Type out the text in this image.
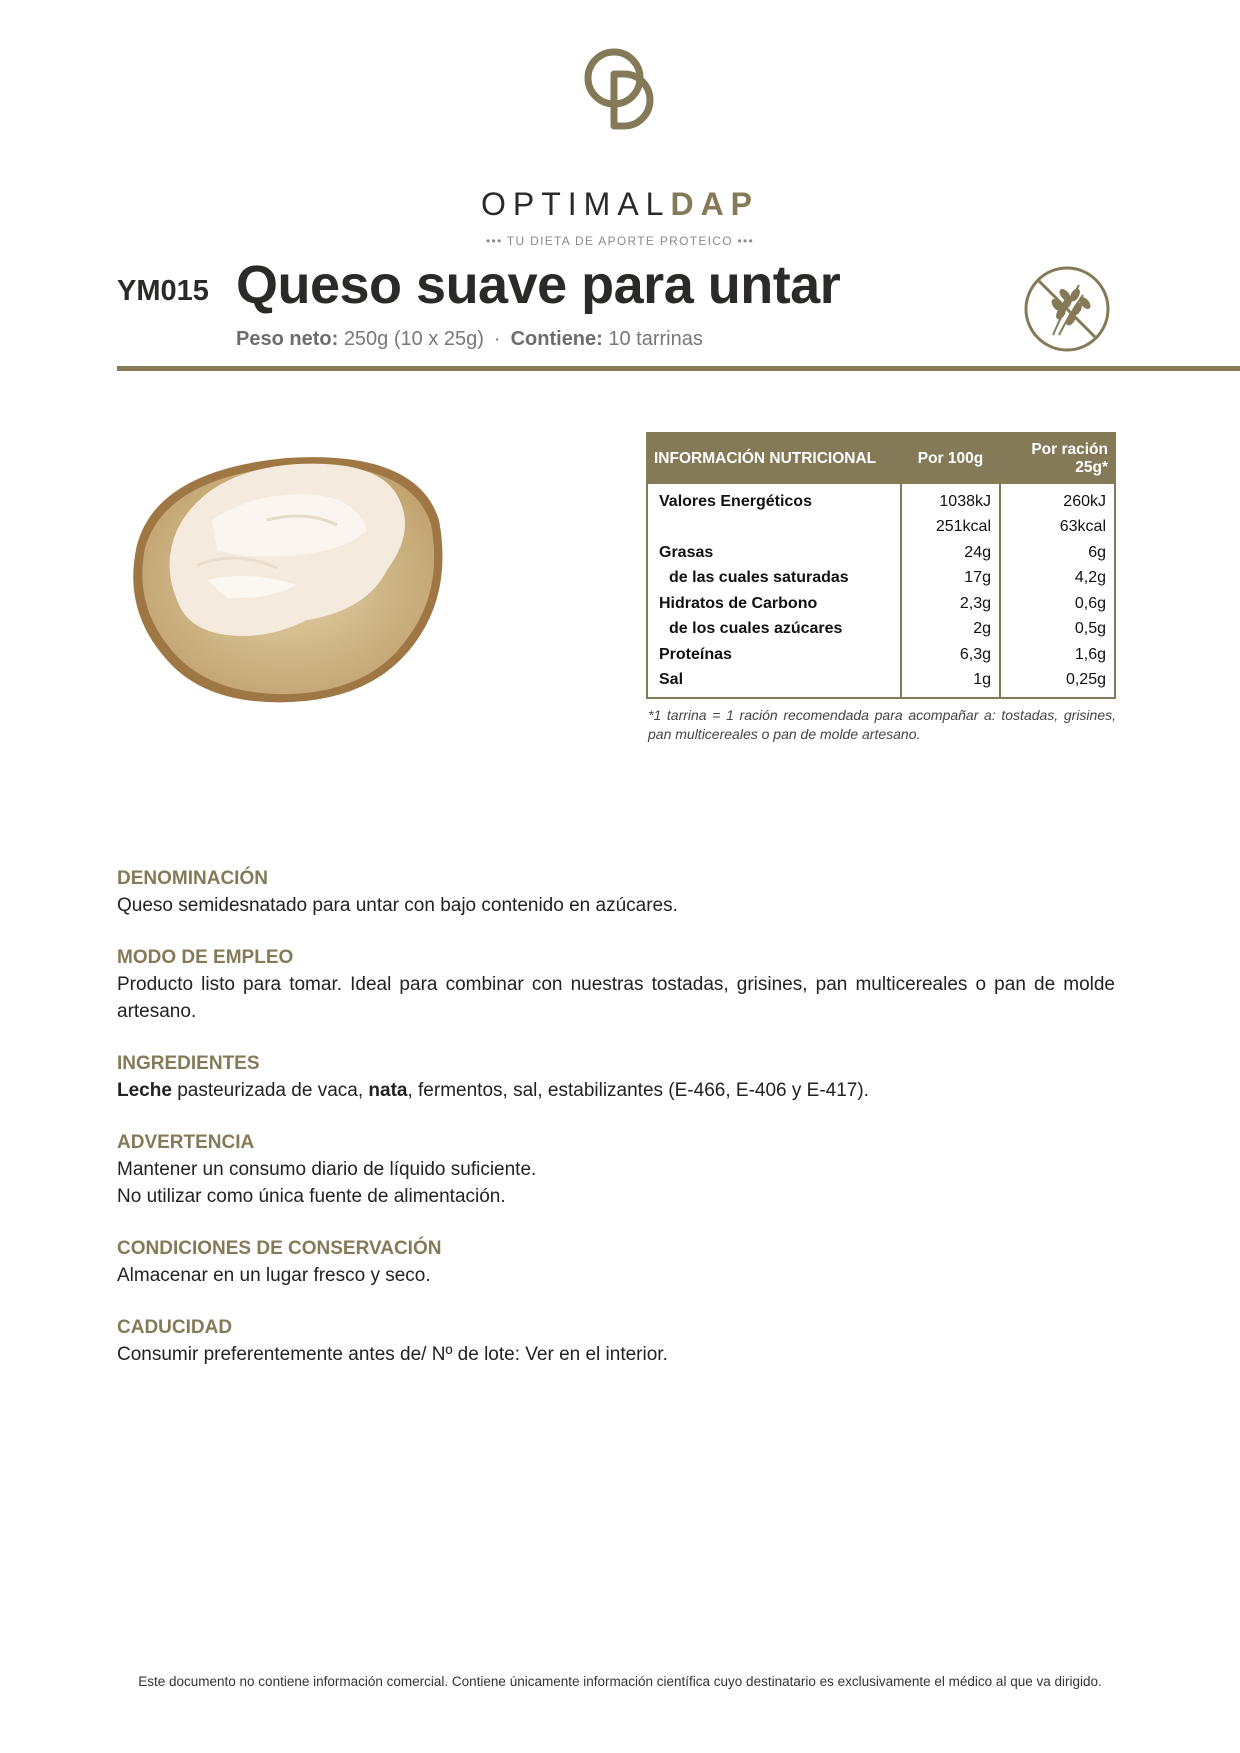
OPTIMALDAP
••• TU DIETA DE APORTE PROTEICO •••
YM015 Queso suave para untar
Peso neto: 250g (10 x 25g) · Contiene: 10 tarrinas
INFORMACIÓN NUTRICIONAL	Por 100g	Por ración 25g*
Valores Energéticos	1038kJ	260kJ
	251kcal	63kcal
Grasas	24g	6g
de las cuales saturadas	17g	4,2g
Hidratos de Carbono	2,3g	0,6g
de los cuales azúcares	2g	0,5g
Proteínas	6,3g	1,6g
Sal	1g	0,25g
*1 tarrina = 1 ración recomendada para acompañar a: tostadas, grisines, pan multicereales o pan de molde artesano.
DENOMINACIÓN

Queso semidesnatado para untar con bajo contenido en azúcares.

MODO DE EMPLEO

Producto listo para tomar. Ideal para combinar con nuestras tostadas, grisines, pan multicereales o pan de molde artesano.

INGREDIENTES

Leche pasteurizada de vaca, nata, fermentos, sal, estabilizantes (E-466, E-406 y E-417).

ADVERTENCIA

Mantener un consumo diario de líquido suficiente.

No utilizar como única fuente de alimentación.

CONDICIONES DE CONSERVACIÓN

Almacenar en un lugar fresco y seco.

CADUCIDAD

Consumir preferentemente antes de/ Nº de lote: Ver en el interior.

Este documento no contiene información comercial. Contiene únicamente información científica cuyo destinatario es exclusivamente el médico al que va dirigido.
